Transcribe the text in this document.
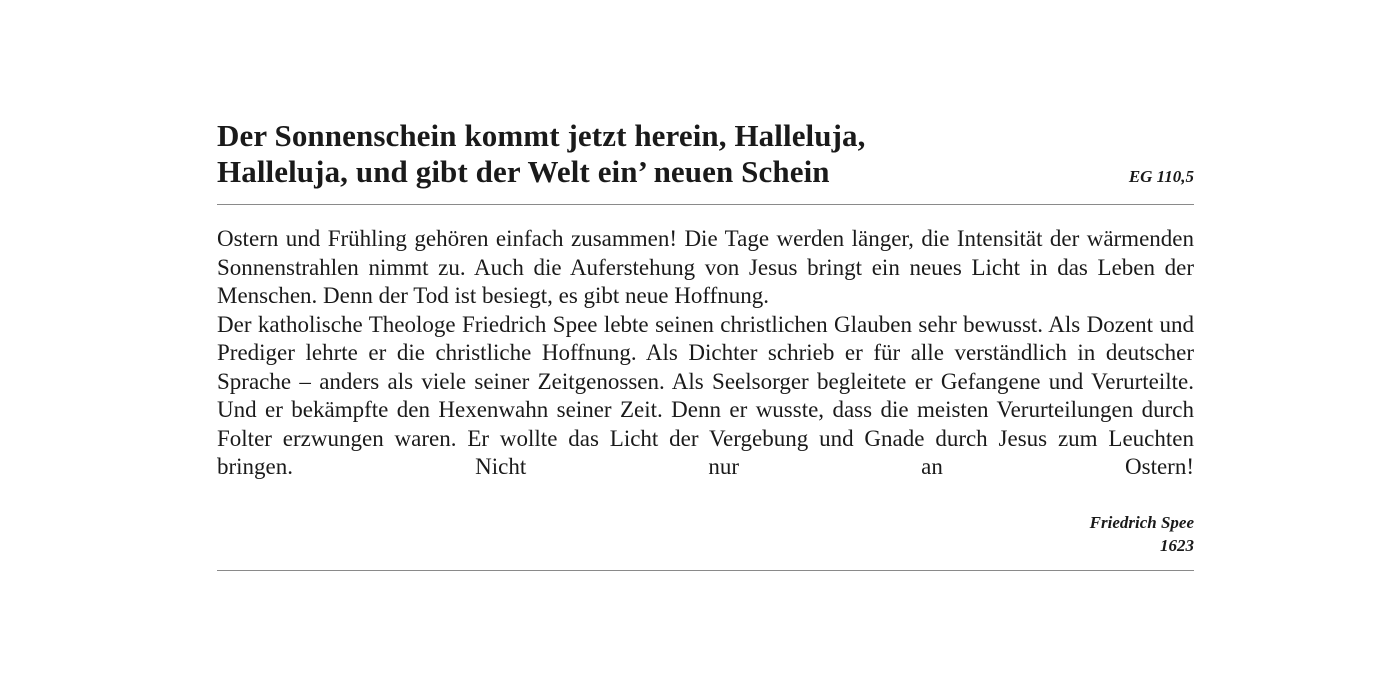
Der Sonnenschein kommt jetzt herein, Halleluja,
Halleluja, und gibt der Welt ein’ neuen Schein	EG 110,5

Ostern und Frühling gehören einfach zusammen! Die Tage werden länger, die Intensität der wärmenden Sonnenstrahlen nimmt zu. Auch die Auferstehung von Jesus bringt ein neues Licht in das Leben der Menschen. Denn der Tod ist besiegt, es gibt neue Hoffnung.

Der katholische Theologe Friedrich Spee lebte seinen christlichen Glauben sehr bewusst. Als Dozent und Prediger lehrte er die christliche Hoffnung. Als Dichter schrieb er für alle verständlich in deutscher Sprache – anders als viele seiner Zeitgenossen. Als Seelsorger begleitete er Gefangene und Verurteilte. Und er bekämpfte den Hexenwahn seiner Zeit. Denn er wusste, dass die meisten Verurteilungen durch Folter erzwungen waren. Er wollte das Licht der Vergebung und Gnade durch Jesus zum Leuchten bringen. Nicht nur an Ostern!

Friedrich Spee
1623
